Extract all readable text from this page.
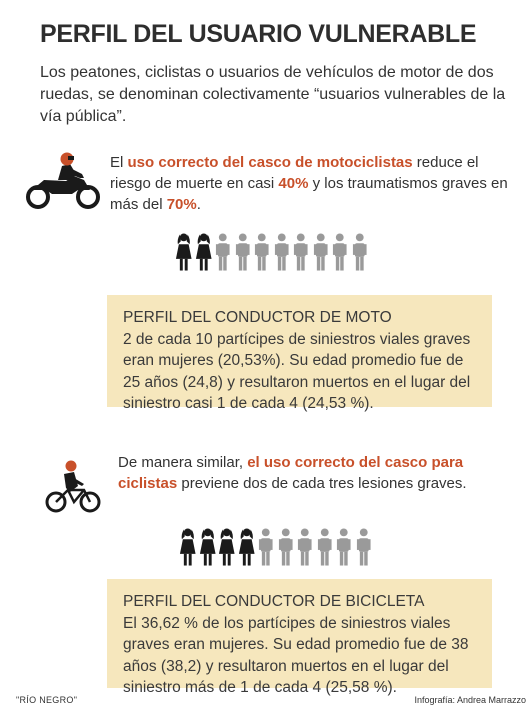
PERFIL DEL USUARIO VULNERABLE
Los peatones, ciclistas o usuarios de vehículos de motor de dos ruedas, se denominan colectivamente “usuarios vulnerables de la vía pública”.
El uso correcto del casco de motociclistas reduce el riesgo de muerte en casi 40% y los traumatismos graves en más del 70%.
PERFIL DEL CONDUCTOR DE MOTO
2 de cada 10 partícipes de siniestros viales graves eran mujeres (20,53%). Su edad promedio fue de 25 años (24,8) y resultaron muertos en el lugar del siniestro casi 1 de cada 4 (24,53 %).
De manera similar, el uso correcto del casco para ciclistas previene dos de cada tres lesiones graves.
PERFIL DEL CONDUCTOR DE BICICLETA
El 36,62 % de los partícipes de siniestros viales graves eran mujeres. Su edad promedio fue de 38 años (38,2) y resultaron muertos en el lugar del siniestro más de 1 de cada 4 (25,58 %).
"RÍO NEGRO"	Infografía: Andrea Marrazzo
